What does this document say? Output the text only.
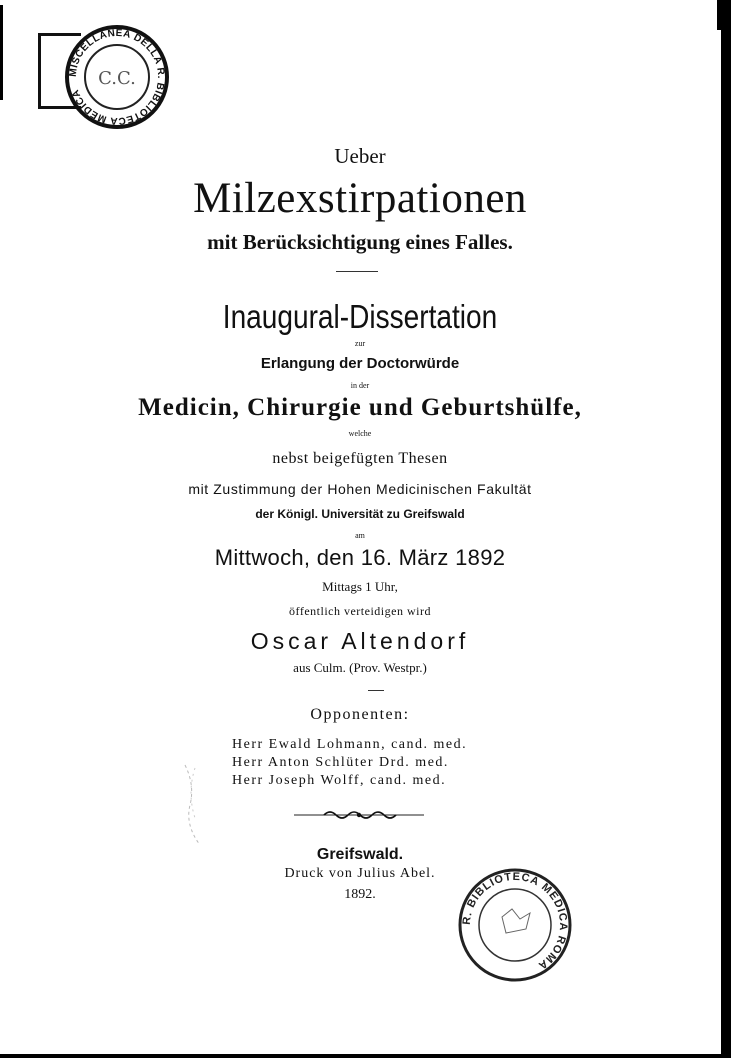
MISCELLANEA DELLA R. BIBLIOTECA MEDICA
C.C.
Ueber
Milzexstirpationen
mit Berücksichtigung eines Falles.
Inaugural-Dissertation
zur
Erlangung der Doctorwürde
in der
Medicin, Chirurgie und Geburtshülfe,
welche
nebst beigefügten Thesen
mit Zustimmung der Hohen Medicinischen Fakultät
der Königl. Universität zu Greifswald
am
Mittwoch, den 16. März 1892
Mittags 1 Uhr,
öffentlich verteidigen wird
Oscar Altendorf
aus Culm. (Prov. Westpr.)
Opponenten:
Herr Ewald Lohmann, cand. med.
Herr Anton Schlüter Drd. med.
Herr Joseph Wolff, cand. med.
Greifswald.
Druck von Julius Abel.
1892.
R. BIBLIOTECA MEDICA ROMA
